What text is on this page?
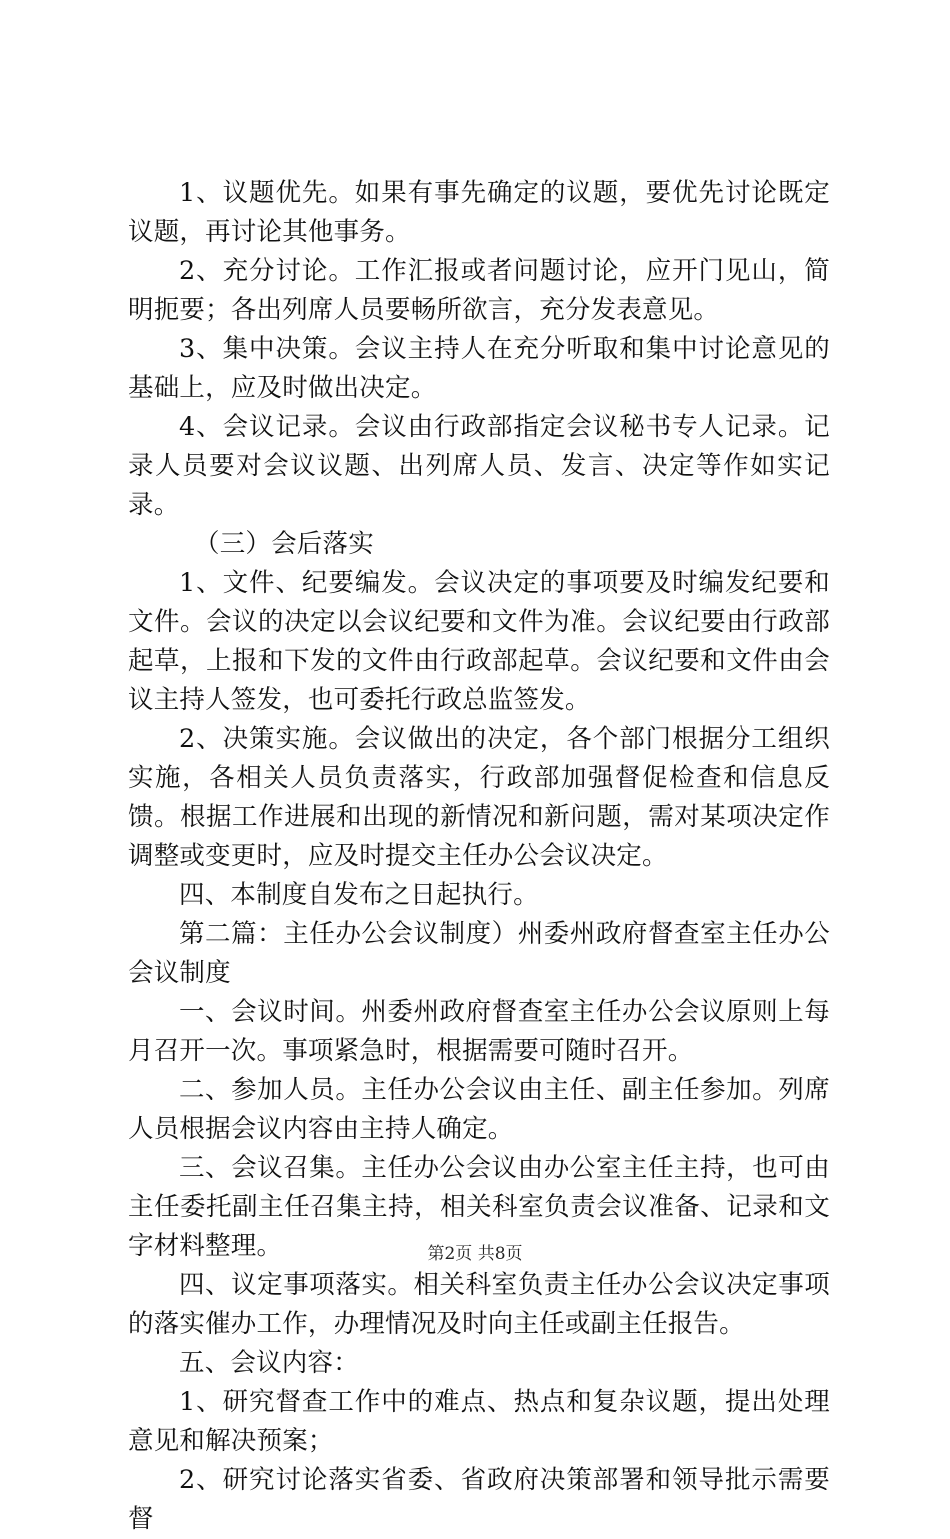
1、议题优先。如果有事先确定的议题，要优先讨论既定议题，再讨论其他事务。

2、充分讨论。工作汇报或者问题讨论，应开门见山，简明扼要；各出列席人员要畅所欲言，充分发表意见。

3、集中决策。会议主持人在充分听取和集中讨论意见的基础上，应及时做出决定。

4、会议记录。会议由行政部指定会议秘书专人记录。记录人员要对会议议题、出列席人员、发言、决定等作如实记录。

（三）会后落实

1、文件、纪要编发。会议决定的事项要及时编发纪要和文件。会议的决定以会议纪要和文件为准。会议纪要由行政部起草，上报和下发的文件由行政部起草。会议纪要和文件由会议主持人签发，也可委托行政总监签发。

2、决策实施。会议做出的决定，各个部门根据分工组织实施，各相关人员负责落实，行政部加强督促检查和信息反馈。根据工作进展和出现的新情况和新问题，需对某项决定作调整或变更时，应及时提交主任办公会议决定。

四、本制度自发布之日起执行。

第二篇：主任办公会议制度）州委州政府督查室主任办公会议制度

一、会议时间。州委州政府督查室主任办公会议原则上每月召开一次。事项紧急时，根据需要可随时召开。

二、参加人员。主任办公会议由主任、副主任参加。列席人员根据会议内容由主持人确定。

三、会议召集。主任办公会议由办公室主任主持，也可由主任委托副主任召集主持，相关科室负责会议准备、记录和文字材料整理。

四、议定事项落实。相关科室负责主任办公会议决定事项的落实催办工作，办理情况及时向主任或副主任报告。

五、会议内容：

1、研究督查工作中的难点、热点和复杂议题，提出处理意见和解决预案；

2、研究讨论落实省委、省政府决策部署和领导批示需要督

第2页 共8页
